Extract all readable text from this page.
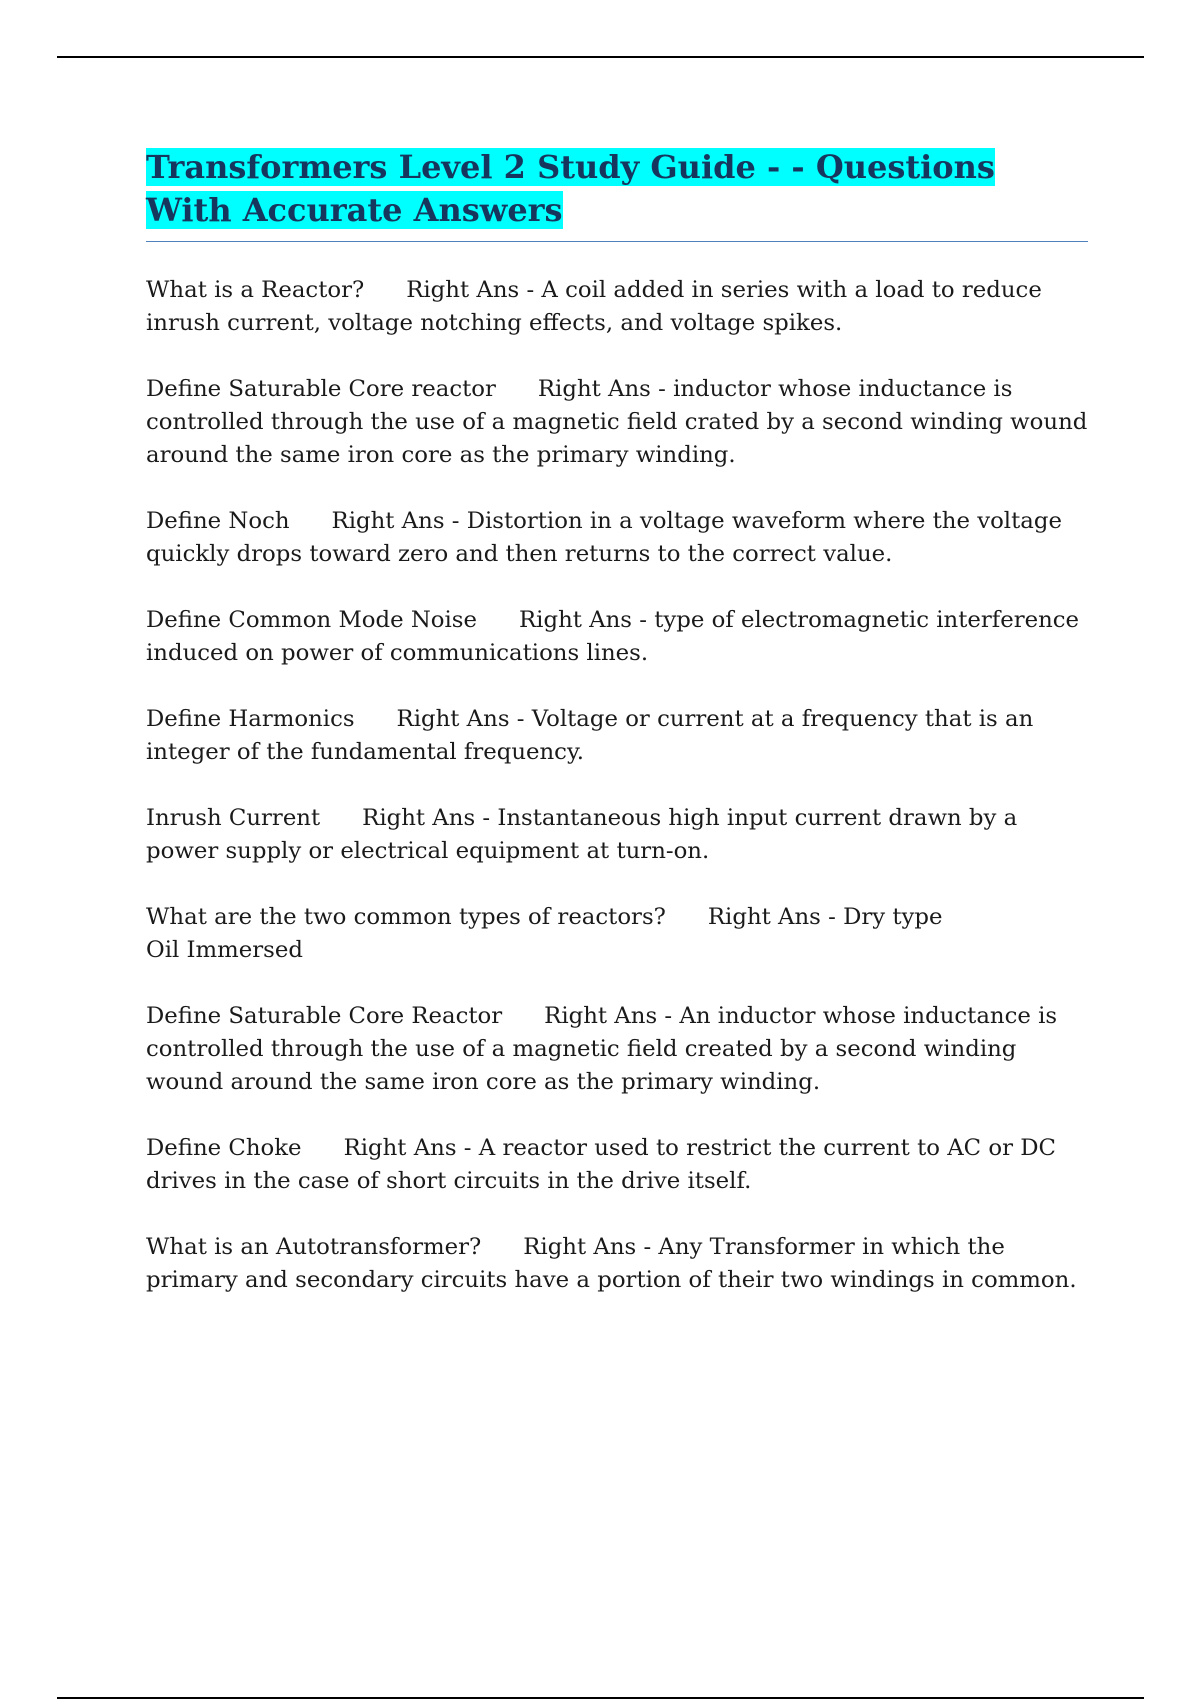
Transformers Level 2 Study Guide - - Questions With Accurate Answers

What is a Reactor? Right Ans - A coil added in series with a load to reduce inrush current, voltage notching effects, and voltage spikes.

Define Saturable Core reactor Right Ans - inductor whose inductance is controlled through the use of a magnetic field crated by a second winding wound around the same iron core as the primary winding.

Define Noch Right Ans - Distortion in a voltage waveform where the voltage quickly drops toward zero and then returns to the correct value.

Define Common Mode Noise Right Ans - type of electromagnetic interference induced on power of communications lines.

Define Harmonics Right Ans - Voltage or current at a frequency that is an integer of the fundamental frequency.

Inrush Current Right Ans - Instantaneous high input current drawn by a power supply or electrical equipment at turn-on.

What are the two common types of reactors? Right Ans - Dry type
Oil Immersed

Define Saturable Core Reactor Right Ans - An inductor whose inductance is controlled through the use of a magnetic field created by a second winding wound around the same iron core as the primary winding.

Define Choke Right Ans - A reactor used to restrict the current to AC or DC drives in the case of short circuits in the drive itself.

What is an Autotransformer? Right Ans - Any Transformer in which the primary and secondary circuits have a portion of their two windings in common.
